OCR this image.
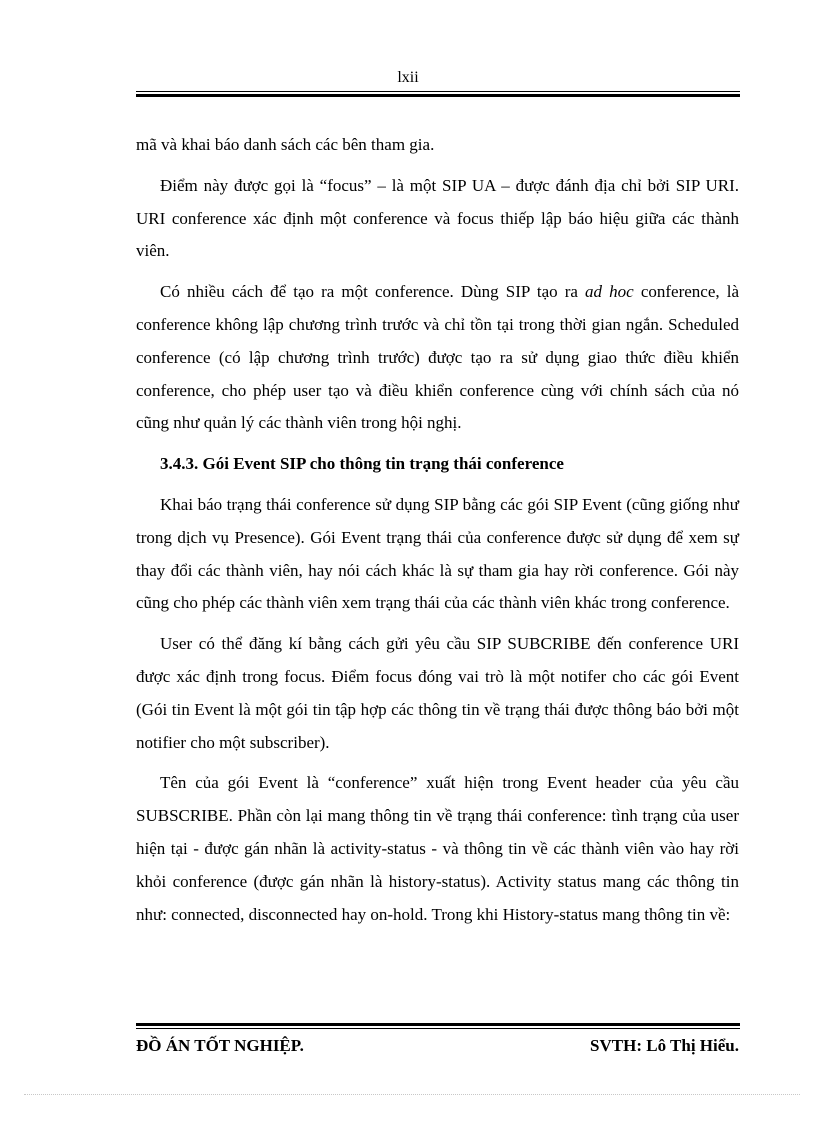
lxii

mã và khai báo danh sách các bên tham gia.

Điểm này được gọi là “focus” – là một SIP UA – được đánh địa chỉ bởi SIP URI. URI conference xác định một conference và focus thiếp lập báo hiệu giữa các thành viên.

Có nhiều cách để tạo ra một conference. Dùng SIP tạo ra ad hoc conference, là conference không lập chương trình trước và chỉ tồn tại trong thời gian ngắn. Scheduled conference (có lập chương trình trước) được tạo ra sử dụng giao thức điều khiển conference, cho phép user tạo và điều khiển conference cùng với chính sách của nó cũng như quản lý các thành viên trong hội nghị.

3.4.3. Gói Event SIP cho thông tin trạng thái conference

Khai báo trạng thái conference sử dụng SIP bằng các gói SIP Event (cũng giống như trong dịch vụ Presence). Gói Event trạng thái của conference được sử dụng để xem sự thay đổi các thành viên, hay nói cách khác là sự tham gia hay rời conference. Gói này cũng cho phép các thành viên xem trạng thái của các thành viên khác trong conference.

User có thể đăng kí bằng cách gửi yêu cầu SIP SUBCRIBE đến conference URI được xác định trong focus. Điểm focus đóng vai trò là một notifer cho các gói Event (Gói tin Event là một gói tin tập hợp các thông tin về trạng thái được thông báo bởi một notifier cho một subscriber).

Tên của gói Event là “conference” xuất hiện trong Event header của yêu cầu SUBSCRIBE. Phần còn lại mang thông tin về trạng thái conference: tình trạng của user hiện tại - được gán nhãn là activity-status - và thông tin về các thành viên vào hay rời khỏi conference (được gán nhãn là history-status). Activity status mang các thông tin như: connected, disconnected hay on-hold. Trong khi History-status mang thông tin về:

ĐỒ ÁN TỐT NGHIỆP.	SVTH: Lô Thị Hiểu.
